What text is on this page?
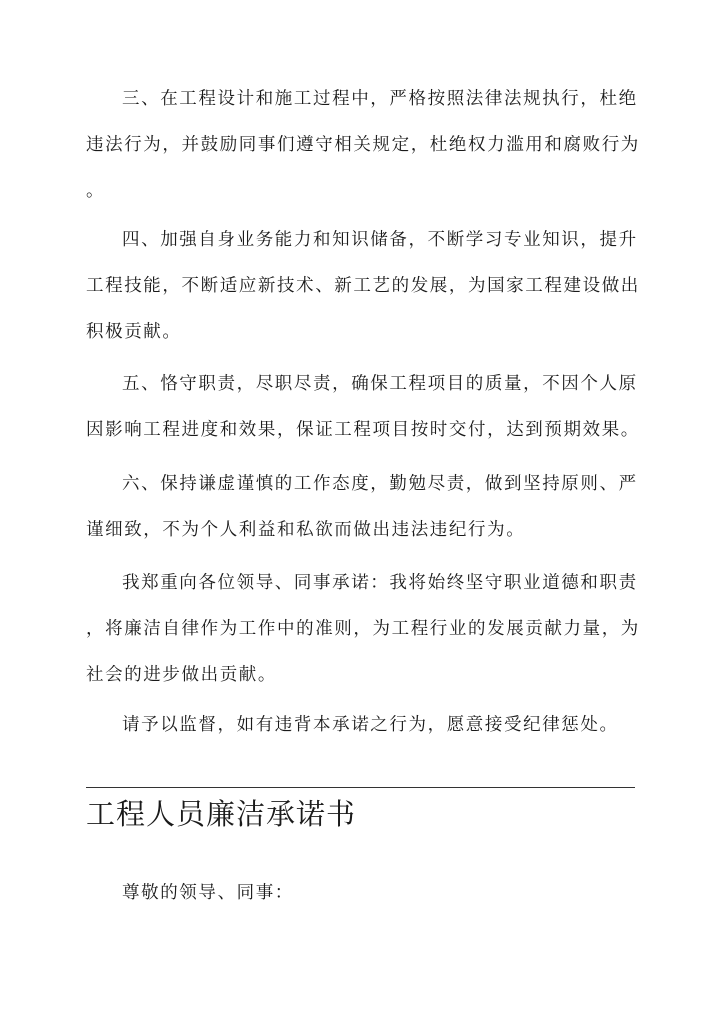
三、在工程设计和施工过程中，严格按照法律法规执行，杜绝
违法行为，并鼓励同事们遵守相关规定，杜绝权力滥用和腐败行为
。

四、加强自身业务能力和知识储备，不断学习专业知识，提升
工程技能，不断适应新技术、新工艺的发展，为国家工程建设做出
积极贡献。

五、恪守职责，尽职尽责，确保工程项目的质量，不因个人原
因影响工程进度和效果，保证工程项目按时交付，达到预期效果。

六、保持谦虚谨慎的工作态度，勤勉尽责，做到坚持原则、严
谨细致，不为个人利益和私欲而做出违法违纪行为。

我郑重向各位领导、同事承诺：我将始终坚守职业道德和职责
，将廉洁自律作为工作中的准则，为工程行业的发展贡献力量，为
社会的进步做出贡献。

请予以监督，如有违背本承诺之行为，愿意接受纪律惩处。

工程人员廉洁承诺书

尊敬的领导、同事：
